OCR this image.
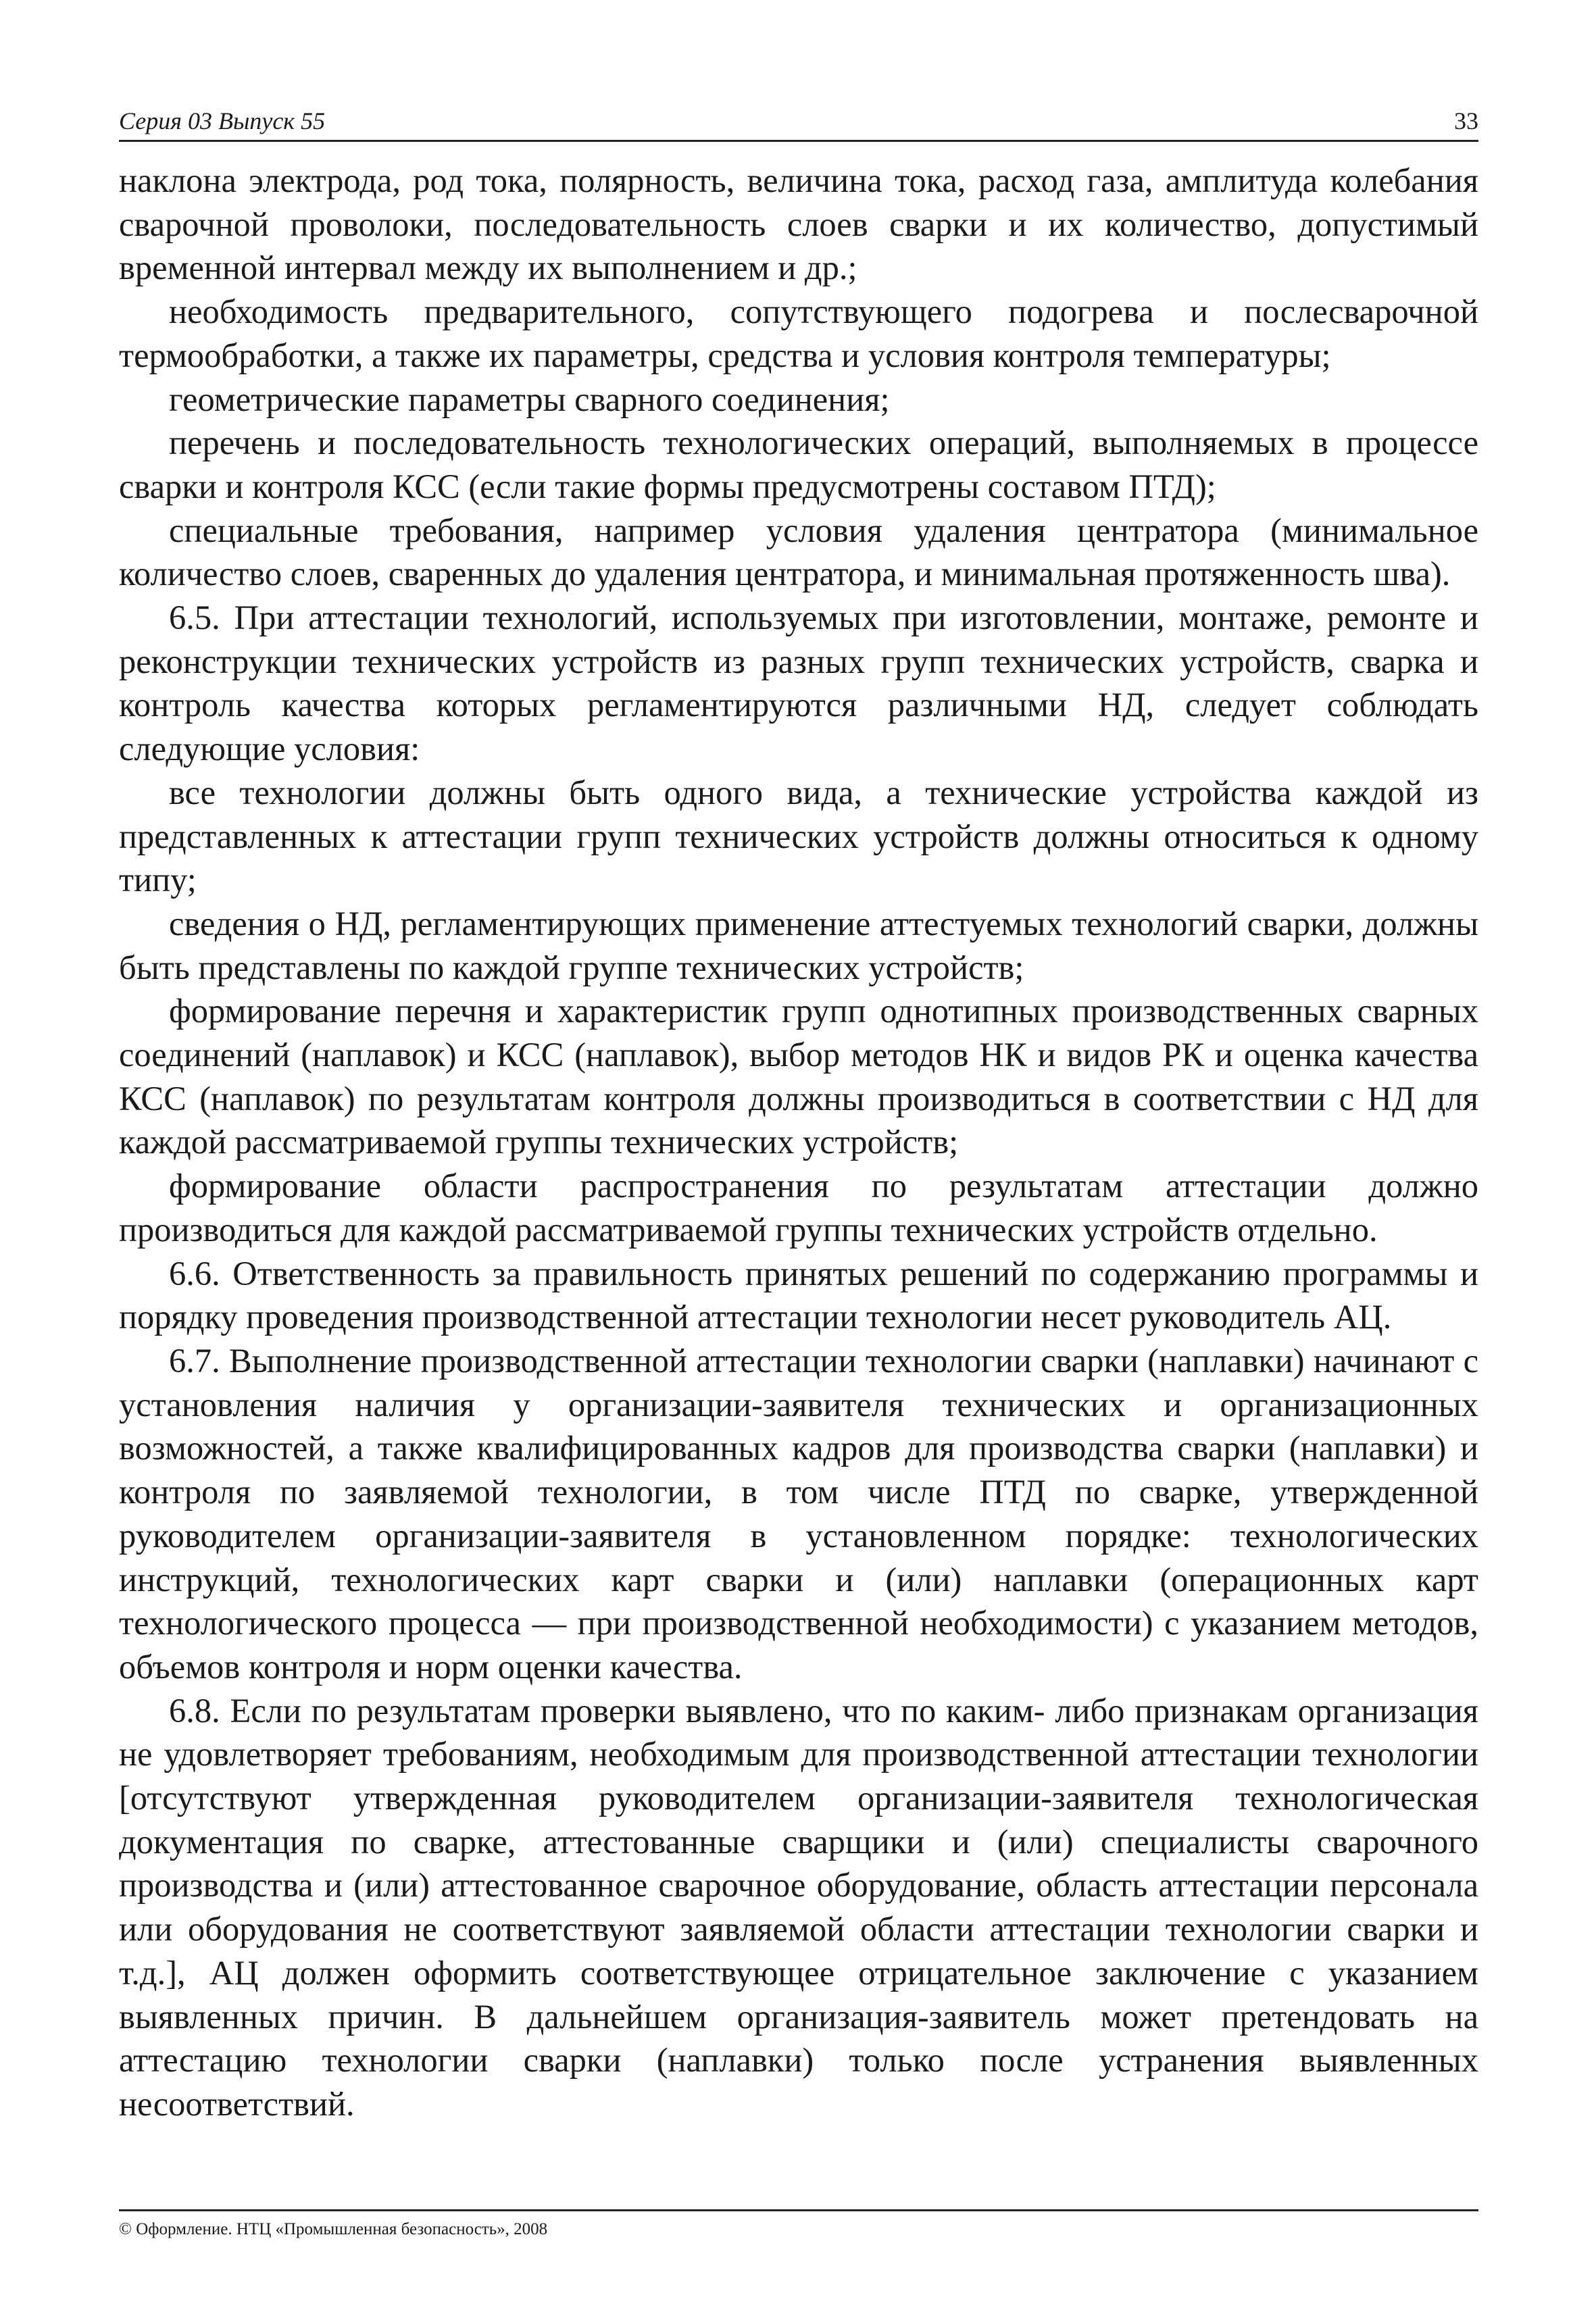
Серия 03 Выпуск 55	33

наклона электрода, род тока, полярность, величина тока, расход газа, амплитуда колебания сварочной проволоки, последовательность слоев сварки и их количество, допустимый временной интервал между их выполнением и др.;

необходимость предварительного, сопутствующего подогрева и послесварочной термообработки, а также их параметры, средства и условия контроля температуры;

геометрические параметры сварного соединения;

перечень и последовательность технологических операций, выполняемых в процессе сварки и контроля КСС (если такие формы предусмотрены составом ПТД);

специальные требования, например условия удаления центратора (минимальное количество слоев, сваренных до удаления центратора, и минимальная протяженность шва).

6.5. При аттестации технологий, используемых при изготовлении, монтаже, ремонте и реконструкции технических устройств из разных групп технических устройств, сварка и контроль качества которых регламентируются различными НД, следует соблюдать следующие условия:

все технологии должны быть одного вида, а технические устройства каждой из представленных к аттестации групп технических устройств должны относиться к одному типу;

сведения о НД, регламентирующих применение аттестуемых технологий сварки, должны быть представлены по каждой группе технических устройств;

формирование перечня и характеристик групп однотипных производственных сварных соединений (наплавок) и КСС (наплавок), выбор методов НК и видов РК и оценка качества КСС (наплавок) по результатам контроля должны производиться в соответствии с НД для каждой рассматриваемой группы технических устройств;

формирование области распространения по результатам аттестации должно производиться для каждой рассматриваемой группы технических устройств отдельно.

6.6. Ответственность за правильность принятых решений по содержанию программы и порядку проведения производственной аттестации технологии несет руководитель АЦ.

6.7. Выполнение производственной аттестации технологии сварки (наплавки) начинают с установления наличия у организации-заявителя технических и организационных возможностей, а также квалифицированных кадров для производства сварки (наплавки) и контроля по заявляемой технологии, в том числе ПТД по сварке, утвержденной руководителем организации-заявителя в установленном порядке: технологических инструкций, технологических карт сварки и (или) наплавки (операционных карт технологического процесса — при производственной необходимости) с указанием методов, объемов контроля и норм оценки качества.

6.8. Если по результатам проверки выявлено, что по каким- либо признакам организация не удовлетворяет требованиям, необходимым для производственной аттестации технологии [отсутствуют утвержденная руководителем организации-заявителя технологическая документация по сварке, аттестованные сварщики и (или) специалисты сварочного производства и (или) аттестованное сварочное оборудование, область аттестации персонала или оборудования не соответствуют заявляемой области аттестации технологии сварки и т.д.], АЦ должен оформить соответствующее отрицательное заключение с указанием выявленных причин. В дальнейшем организация-заявитель может претендовать на аттестацию технологии сварки (наплавки) только после устранения выявленных несоответствий.

© Оформление. НТЦ «Промышленная безопасность», 2008
